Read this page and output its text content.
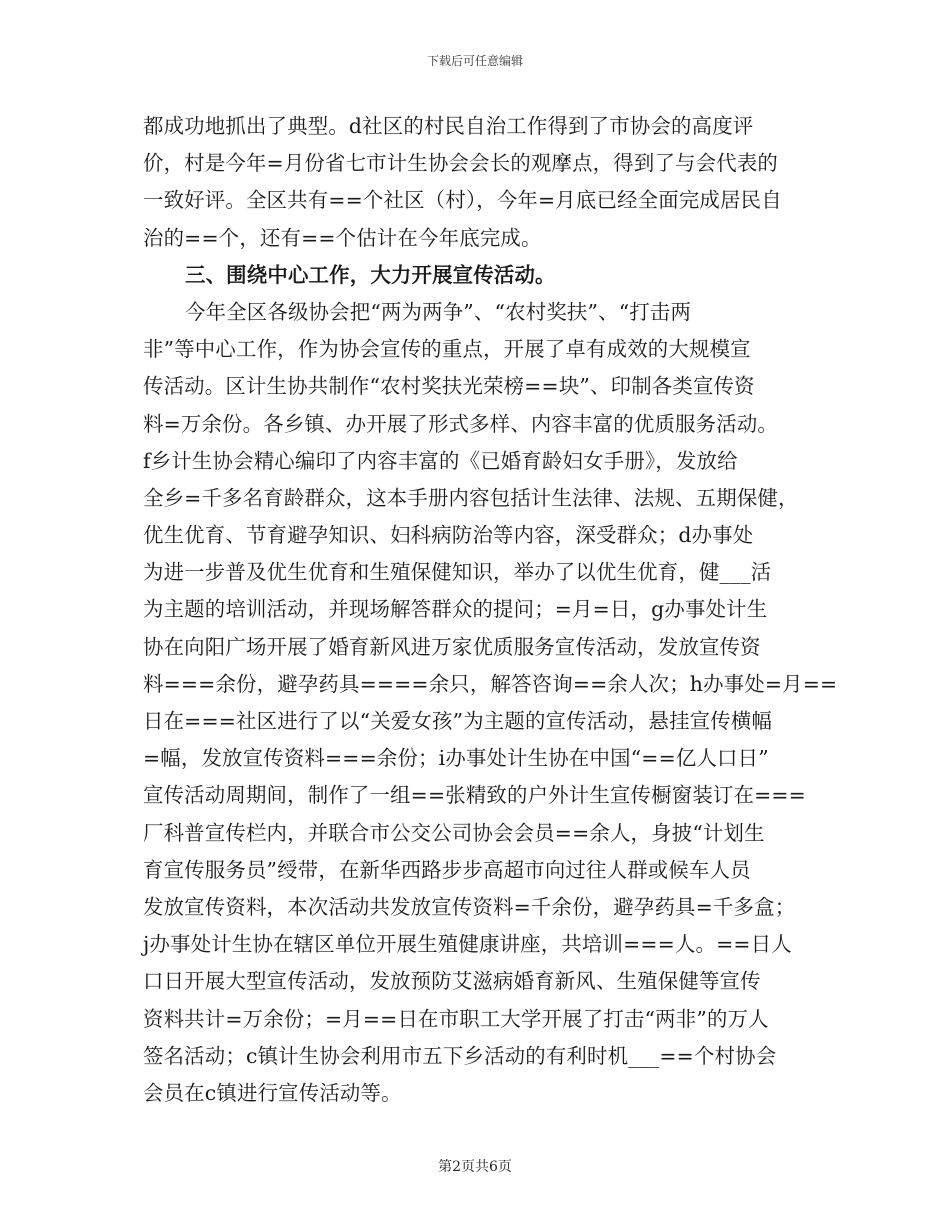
下载后可任意编辑

都成功地抓出了典型。d社区的村民自治工作得到了市协会的高度评
价，村是今年=月份省七市计生协会会长的观摩点，得到了与会代表的
一致好评。全区共有==个社区（村），今年=月底已经全面完成居民自
治的==个，还有==个估计在今年底完成。

三、围绕中心工作，大力开展宣传活动。

今年全区各级协会把“两为两争”、“农村奖扶”、“打击两
非”等中心工作，作为协会宣传的重点，开展了卓有成效的大规模宣
传活动。区计生协共制作“农村奖扶光荣榜==块”、印制各类宣传资
料=万余份。各乡镇、办开展了形式多样、内容丰富的优质服务活动。
f乡计生协会精心编印了内容丰富的《已婚育龄妇女手册》，发放给
全乡=千多名育龄群众，这本手册内容包括计生法律、法规、五期保健，
优生优育、节育避孕知识、妇科病防治等内容，深受群众；d办事处
为进一步普及优生优育和生殖保健知识，举办了以优生优育，健___活
为主题的培训活动，并现场解答群众的提问；=月=日，g办事处计生
协在向阳广场开展了婚育新风进万家优质服务宣传活动，发放宣传资
料===余份，避孕药具====余只，解答咨询==余人次；h办事处=月==
日在===社区进行了以“关爱女孩”为主题的宣传活动，悬挂宣传横幅
=幅，发放宣传资料===余份；i办事处计生协在中国“==亿人口日”
宣传活动周期间，制作了一组==张精致的户外计生宣传橱窗装订在===
厂科普宣传栏内，并联合市公交公司协会会员==余人，身披“计划生
育宣传服务员”绶带，在新华西路步步高超市向过往人群或候车人员
发放宣传资料，本次活动共发放宣传资料=千余份，避孕药具=千多盒；
j办事处计生协在辖区单位开展生殖健康讲座，共培训===人。==日人
口日开展大型宣传活动，发放预防艾滋病婚育新风、生殖保健等宣传
资料共计=万余份；=月==日在市职工大学开展了打击“两非”的万人
签名活动；c镇计生协会利用市五下乡活动的有利时机___==个村协会
会员在c镇进行宣传活动等。

第2页共6页
